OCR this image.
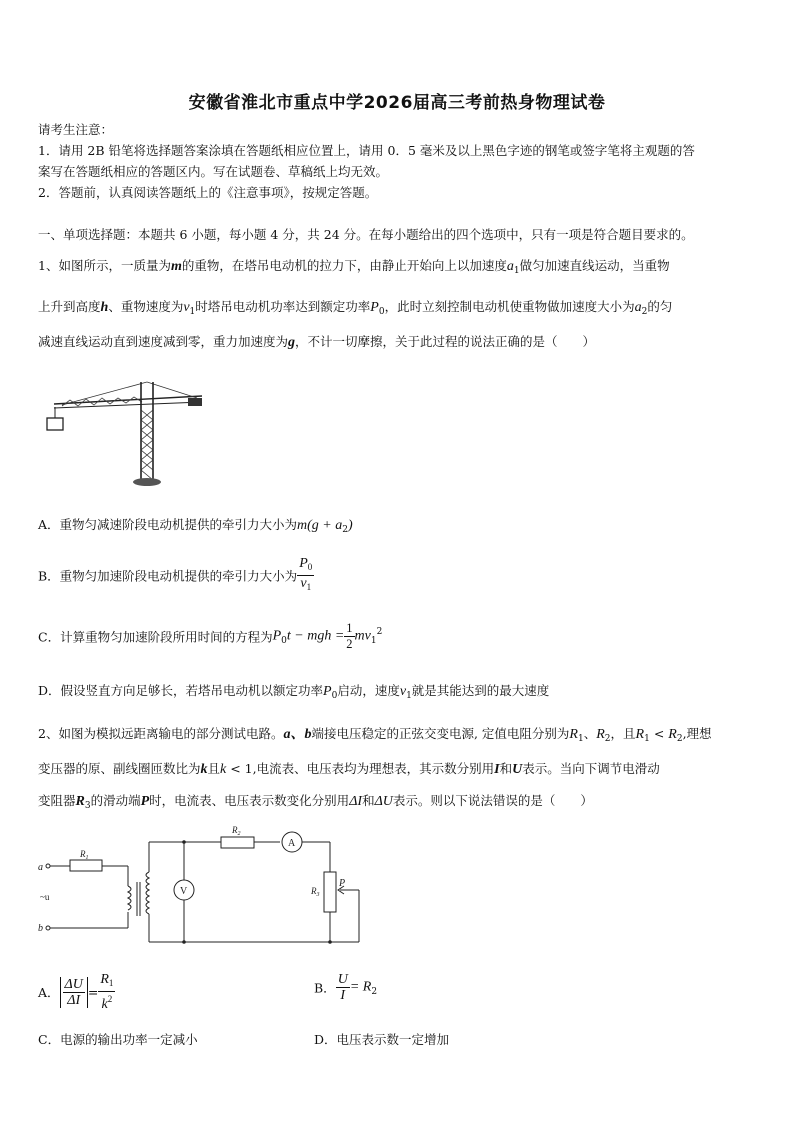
安徽省淮北市重点中学2026届高三考前热身物理试卷
请考生注意：
1．请用 2B 铅笔将选择题答案涂填在答题纸相应位置上，请用 0．5 毫米及以上黑色字迹的钢笔或签字笔将主观题的答
案写在答题纸相应的答题区内。写在试题卷、草稿纸上均无效。
2．答题前，认真阅读答题纸上的《注意事项》，按规定答题。
一、单项选择题：本题共 6 小题，每小题 4 分，共 24 分。在每小题给出的四个选项中，只有一项是符合题目要求的。
1、如图所示，一质量为m的重物，在塔吊电动机的拉力下，由静止开始向上以加速度$a_1$做匀加速直线运动，当重物
上升到高度h、重物速度为$v_1$时塔吊电动机功率达到额定功率$P_0$，此时立刻控制电动机使重物做加速度大小为$a_2$的匀
减速直线运动直到速度减到零，重力加速度为g，不计一切摩擦，关于此过程的说法正确的是（　　）
A．重物匀减速阶段电动机提供的牵引力大小为$m(g + a_2)$
B．重物匀加速阶段电动机提供的牵引力大小为 $\frac{P_0}{v_1}$
C．计算重物匀加速阶段所用时间的方程为$P_0t$ − mgh = $\frac{1}{2} mv_1^2$
D．假设竖直方向足够长，若塔吊电动机以额定功率$P_0$启动，速度$v_1$就是其能达到的最大速度
2、如图为模拟远距离输电的部分测试电路。a、b端接电压稳定的正弦交变电源, 定值电阻分别为$R_1$、$R_2$，且$R_1 < R_2$,理想
变压器的原、副线圈匝数比为k且k < 1,电流表、电压表均为理想表，其示数分别用I和U表示。当向下调节电滑动
变阻器$R_3$的滑动端P时，电流表、电压表示数变化分别用ΔI和ΔU表示。则以下说法错误的是（　　）
a
b
~u
$R_1$
$R_2$
$R_3$
A
V
P
A． $\frac{\Delta U}{\Delta I} = \frac{R_1}{k^2}$	B． $\frac{U}{I} = R_2$
C．电源的输出功率一定减小	D．电压表示数一定增加
